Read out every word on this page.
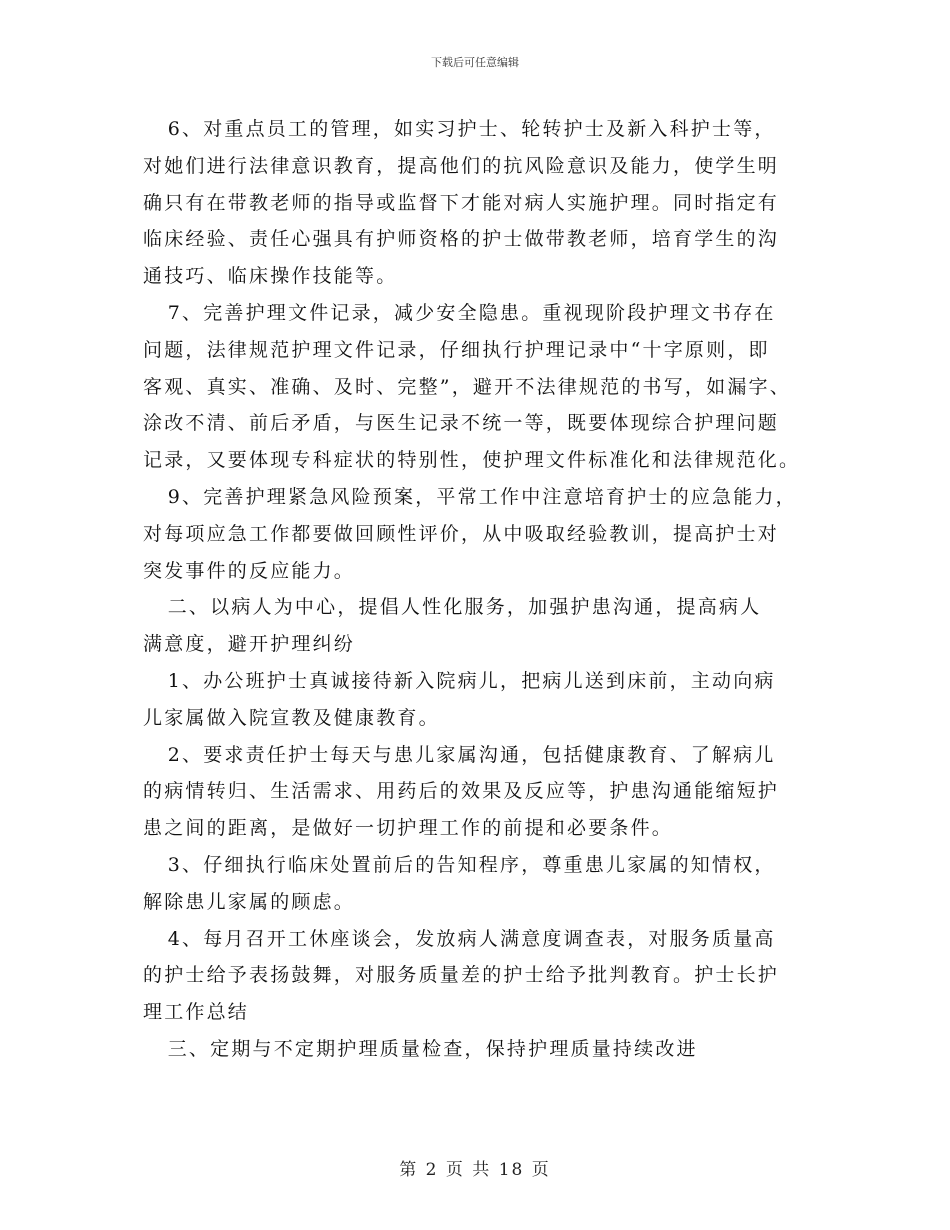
下载后可任意编辑
6、对重点员工的管理，如实习护士、轮转护士及新入科护士等，
对她们进行法律意识教育，提高他们的抗风险意识及能力，使学生明
确只有在带教老师的指导或监督下才能对病人实施护理。同时指定有
临床经验、责任心强具有护师资格的护士做带教老师，培育学生的沟
通技巧、临床操作技能等。
7、完善护理文件记录，减少安全隐患。重视现阶段护理文书存在
问题，法律规范护理文件记录，仔细执行护理记录中“十字原则，即
客观、真实、准确、及时、完整”，避开不法律规范的书写，如漏字、
涂改不清、前后矛盾，与医生记录不统一等，既要体现综合护理问题
记录，又要体现专科症状的特别性，使护理文件标准化和法律规范化。
9、完善护理紧急风险预案，平常工作中注意培育护士的应急能力，
对每项应急工作都要做回顾性评价，从中吸取经验教训，提高护士对
突发事件的反应能力。
二、以病人为中心，提倡人性化服务，加强护患沟通，提高病人
满意度，避开护理纠纷
1、办公班护士真诚接待新入院病儿，把病儿送到床前，主动向病
儿家属做入院宣教及健康教育。
2、要求责任护士每天与患儿家属沟通，包括健康教育、了解病儿
的病情转归、生活需求、用药后的效果及反应等，护患沟通能缩短护
患之间的距离，是做好一切护理工作的前提和必要条件。
3、仔细执行临床处置前后的告知程序，尊重患儿家属的知情权，
解除患儿家属的顾虑。
4、每月召开工休座谈会，发放病人满意度调查表，对服务质量高
的护士给予表扬鼓舞，对服务质量差的护士给予批判教育。护士长护
理工作总结
三、定期与不定期护理质量检查，保持护理质量持续改进
第 2 页 共 18 页
